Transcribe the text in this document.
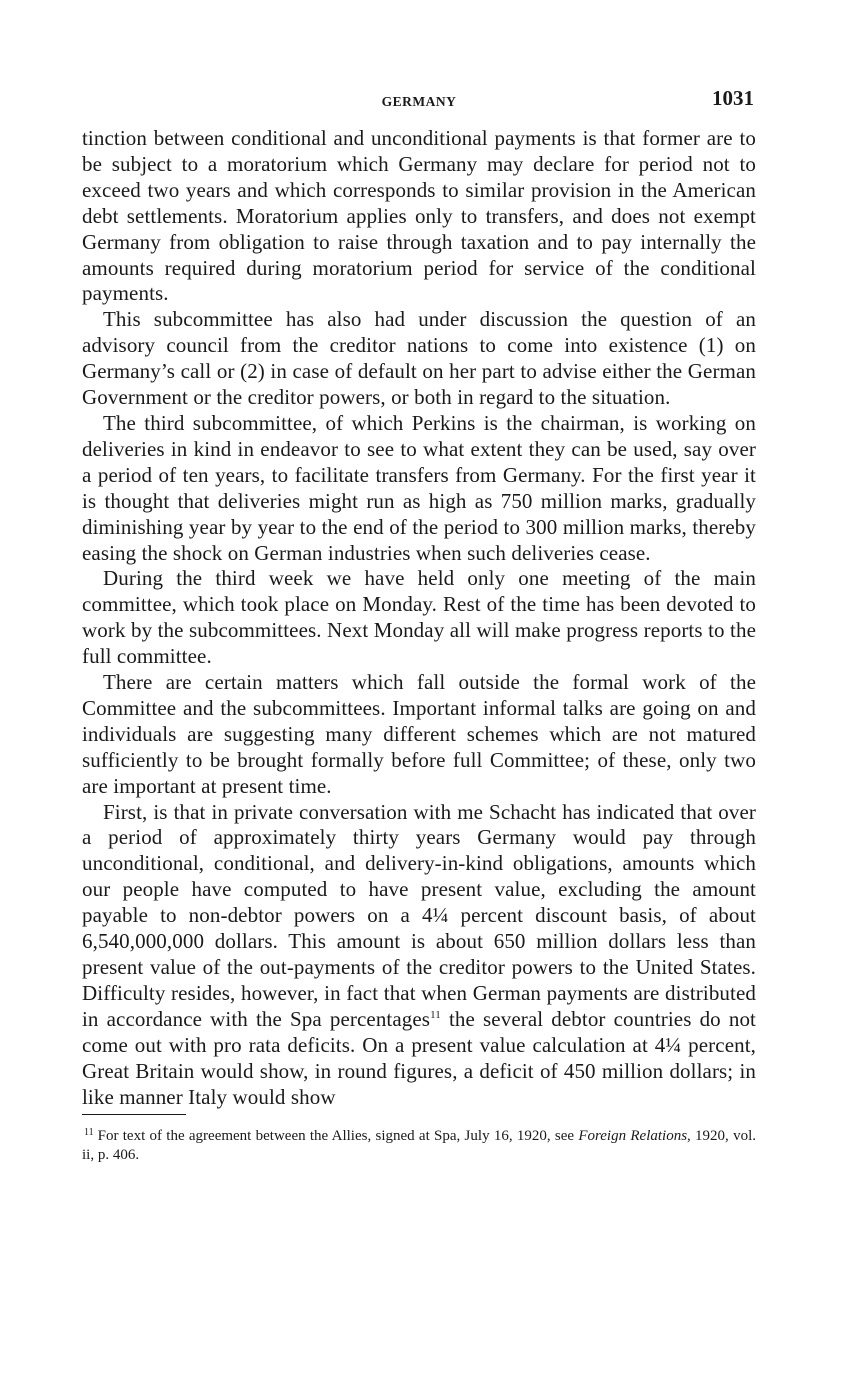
GERMANY	1031

tinction between conditional and unconditional payments is that former are to be subject to a moratorium which Germany may declare for period not to exceed two years and which corresponds to similar provision in the American debt settlements. Moratorium applies only to transfers, and does not exempt Germany from obligation to raise through taxation and to pay internally the amounts required during moratorium period for service of the conditional payments.

This subcommittee has also had under discussion the question of an advisory council from the creditor nations to come into existence (1) on Germany’s call or (2) in case of default on her part to advise either the German Government or the creditor powers, or both in regard to the situation.

The third subcommittee, of which Perkins is the chairman, is working on deliveries in kind in endeavor to see to what extent they can be used, say over a period of ten years, to facilitate transfers from Germany. For the first year it is thought that deliveries might run as high as 750 million marks, gradually diminishing year by year to the end of the period to 300 million marks, thereby easing the shock on German industries when such deliveries cease.

During the third week we have held only one meeting of the main committee, which took place on Monday. Rest of the time has been devoted to work by the subcommittees. Next Monday all will make progress reports to the full committee.

There are certain matters which fall outside the formal work of the Committee and the subcommittees. Important informal talks are going on and individuals are suggesting many different schemes which are not matured sufficiently to be brought formally before full Committee; of these, only two are important at present time.

First, is that in private conversation with me Schacht has indicated that over a period of approximately thirty years Germany would pay through unconditional, conditional, and delivery-in-kind obligations, amounts which our people have computed to have present value, excluding the amount payable to non-debtor powers on a 4¼ percent discount basis, of about 6,540,000,000 dollars. This amount is about 650 million dollars less than present value of the out-payments of the creditor powers to the United States. Difficulty resides, however, in fact that when German payments are distributed in accordance with the Spa percentages$^{11}$ the several debtor countries do not come out with pro rata deficits. On a present value calculation at 4¼ percent, Great Britain would show, in round figures, a deficit of 450 million dollars; in like manner Italy would show

$^{11}$ For text of the agreement between the Allies, signed at Spa, July 16, 1920, see Foreign Relations, 1920, vol. ii, p. 406.
